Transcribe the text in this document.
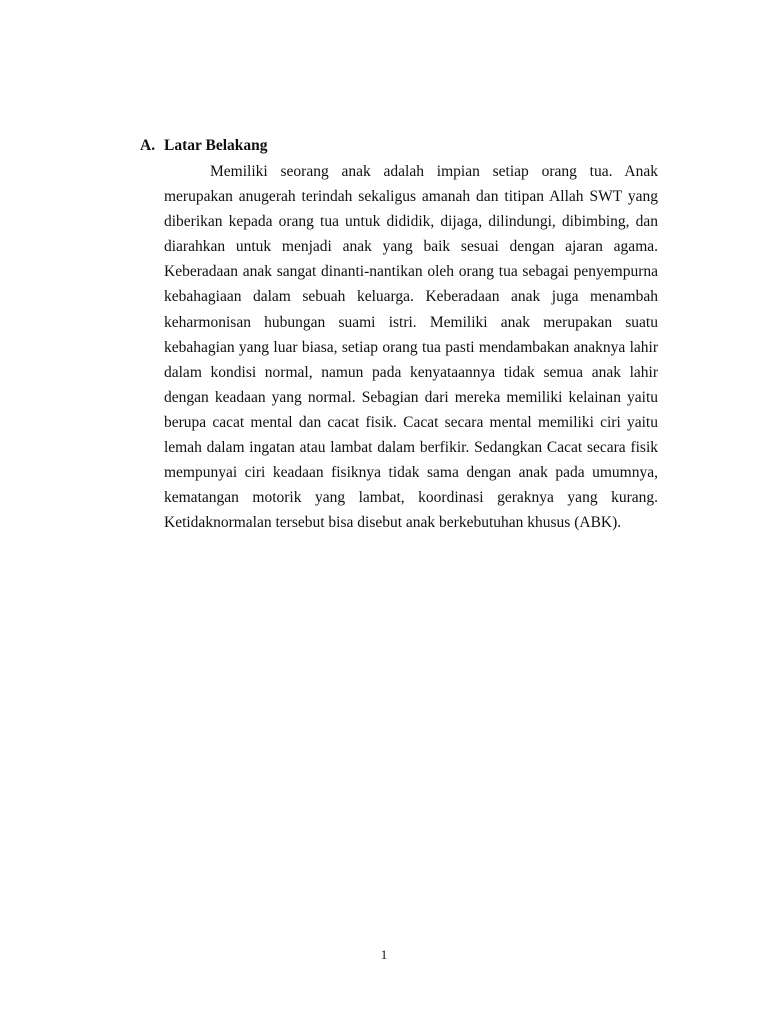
A. Latar Belakang

Memiliki seorang anak adalah impian setiap orang tua. Anak merupakan anugerah terindah sekaligus amanah dan titipan Allah SWT yang diberikan kepada orang tua untuk dididik, dijaga, dilindungi, dibimbing, dan diarahkan untuk menjadi anak yang baik sesuai dengan ajaran agama. Keberadaan anak sangat dinanti-nantikan oleh orang tua sebagai penyempurna kebahagiaan dalam sebuah keluarga. Keberadaan anak juga menambah keharmonisan hubungan suami istri. Memiliki anak merupakan suatu kebahagian yang luar biasa, setiap orang tua pasti mendambakan anaknya lahir dalam kondisi normal, namun pada kenyataannya tidak semua anak lahir dengan keadaan yang normal. Sebagian dari mereka memiliki kelainan yaitu berupa cacat mental dan cacat fisik. Cacat secara mental memiliki ciri yaitu lemah dalam ingatan atau lambat dalam berfikir. Sedangkan Cacat secara fisik mempunyai ciri keadaan fisiknya tidak sama dengan anak pada umumnya, kematangan motorik yang lambat, koordinasi geraknya yang kurang. Ketidaknormalan tersebut bisa disebut anak berkebutuhan khusus (ABK).

1
